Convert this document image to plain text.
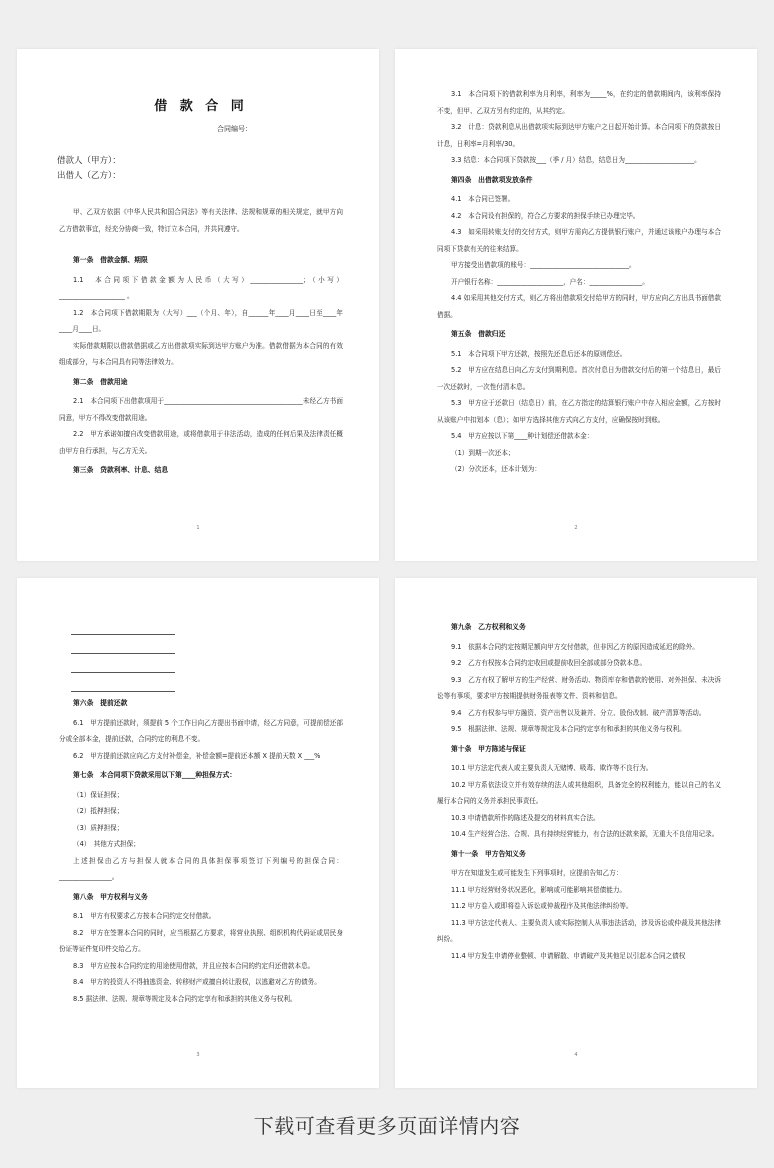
借 款 合 同
合同编号：
借款人（甲方）：
出借人（乙方）：
甲、乙双方依据《中华人民共和国合同法》等有关法律、法规和规章的相关规定，就甲方向乙方借款事宜，经充分协商一致，特订立本合同，并共同遵守。
第一条　借款金额、期限
1.1　本合同项下借款金额为人民币（大写）________________；（小写）____________________ 。
1.2　本合同项下借款期限为（大写）___（个月、年），自______年____月____日至____年____月____日。
实际借款期限以借款借据或乙方出借款项实际到达甲方账户为准。借款借据为本合同的有效组成部分，与本合同具有同等法律效力。
第二条　借款用途
2.1　本合同项下出借款项用于__________________________________________未经乙方书面同意，甲方不得改变借款用途。
2.2　甲方承诺如擅自改变借款用途，或将借款用于非法活动，造成的任何后果及法律责任概由甲方自行承担，与乙方无关。
第三条　贷款利率、计息、结息
1
3.1　本合同项下的借款利率为月利率，利率为_____%，在约定的借款期间内，该利率保持不变，但甲、乙双方另有约定的，从其约定。
3.2　计息：贷款利息从出借款项实际到达甲方账户之日起开始计算。本合同项下的贷款按日计息，日利率=月利率/30。
3.3 结息：本合同项下贷款按___（季 / 月）结息，结息日为_____________________。
第四条　出借款项发放条件
4.1　本合同已签署。
4.2　本合同设有担保的，符合乙方要求的担保手续已办理完毕。
4.3　如采用转账支付的交付方式，则甲方需向乙方提供银行账户，并通过该账户办理与本合同项下贷款有关的往来结算。
甲方接受出借款项的账号：______________________________。
开户银行名称：____________________，户名：________________。
4.4 如采用其他交付方式，则乙方将出借款项交付给甲方的同时，甲方应向乙方出具书面借款借据。
第五条　借款归还
5.1　本合同项下甲方还款，按照先还息后还本的原则偿还。
5.2　甲方应在结息日向乙方支付到期利息。首次付息日为借款交付后的第一个结息日，最后一次还款时，一次性付清本息。
5.3　甲方应于还款日（结息日）前，在乙方指定的结算银行账户中存入相应金额，乙方按时从该账户中扣划本（息）；如甲方选择其他方式向乙方支付，应确保按时到账。
5.4　甲方应按以下第____种计划偿还借款本金：
（1）到期一次还本；
（2）分次还本，还本计划为：
2
第六条　提前还款
6.1　甲方提前还款时，须提前 5 个工作日向乙方提出书面申请，经乙方同意，可提前偿还部分或全部本金，提前还款，合同约定的利息不变。
6.2　甲方提前还款应向乙方支付补偿金，补偿金额=提前还本额 X 提前天数 X ___%
第七条　本合同项下贷款采用以下第____种担保方式：
（1）保证担保；
（2）抵押担保；
（3）质押担保；
（4）　其他方式担保；
上述担保由乙方与担保人就本合同的具体担保事项签订下列编号的担保合同：________________。
第八条　甲方权利与义务
8.1　甲方有权要求乙方按本合同约定交付借款。
8.2　甲方在签署本合同的同时，应当根据乙方要求，将营业执照、组织机构代码证或居民身份证等证件复印件交给乙方。
8.3　甲方应按本合同约定的用途使用借款，并且应按本合同的约定归还借款本息。
8.4　甲方的投资人不得抽逃资金、转移财产或擅自转让股权，以逃避对乙方的债务。
8.5 据法律、法规、规章等规定及本合同约定享有和承担的其他义务与权利。
3
第九条　乙方权利和义务
9.1　依据本合同约定按期足额向甲方交付借款，但非因乙方的原因造成延迟的除外。
9.2　乙方有权按本合同约定收回或提前收回全部或部分贷款本息。
9.3　乙方有权了解甲方的生产经营、财务活动、物资库存和借款的使用、对外担保、未决诉讼等有事项，要求甲方按期提供财务报表等文件、资料和信息。
9.4　乙方有权参与甲方融资、资产出售以及兼并、分立、股份改制、破产清算等活动。
9.5　根据法律、法规、规章等规定及本合同约定享有和承担的其他义务与权利。
第十条　甲方陈述与保证
10.1 甲方法定代表人或主要负责人无赌博、吸毒、欺诈等不良行为。
10.2 甲方系依法设立并有效存续的法人或其他组织，具备完全的权利能力，能以自己的名义履行本合同的义务并承担民事责任。
10.3 申请借款所作的陈述及提交的材料真实合法。
10.4 生产经营合法、合规、具有持续经营能力，有合法的还款来源，无重大不良信用记录。
第十一条　甲方告知义务
甲方在知道发生或可能发生下列事项时，应提前告知乙方：
11.1 甲方经营财务状况恶化，影响或可能影响其偿债能力。
11.2 甲方卷入或即将卷入诉讼或仲裁程序及其他法律纠纷等。
11.3 甲方法定代表人、主要负责人或实际控制人从事违法活动，涉及诉讼或仲裁及其他法律纠纷。
11.4 甲方发生申请停业整顿、申请解散、申请破产及其他足以引起本合同之债权
4
下载可查看更多页面详情内容
